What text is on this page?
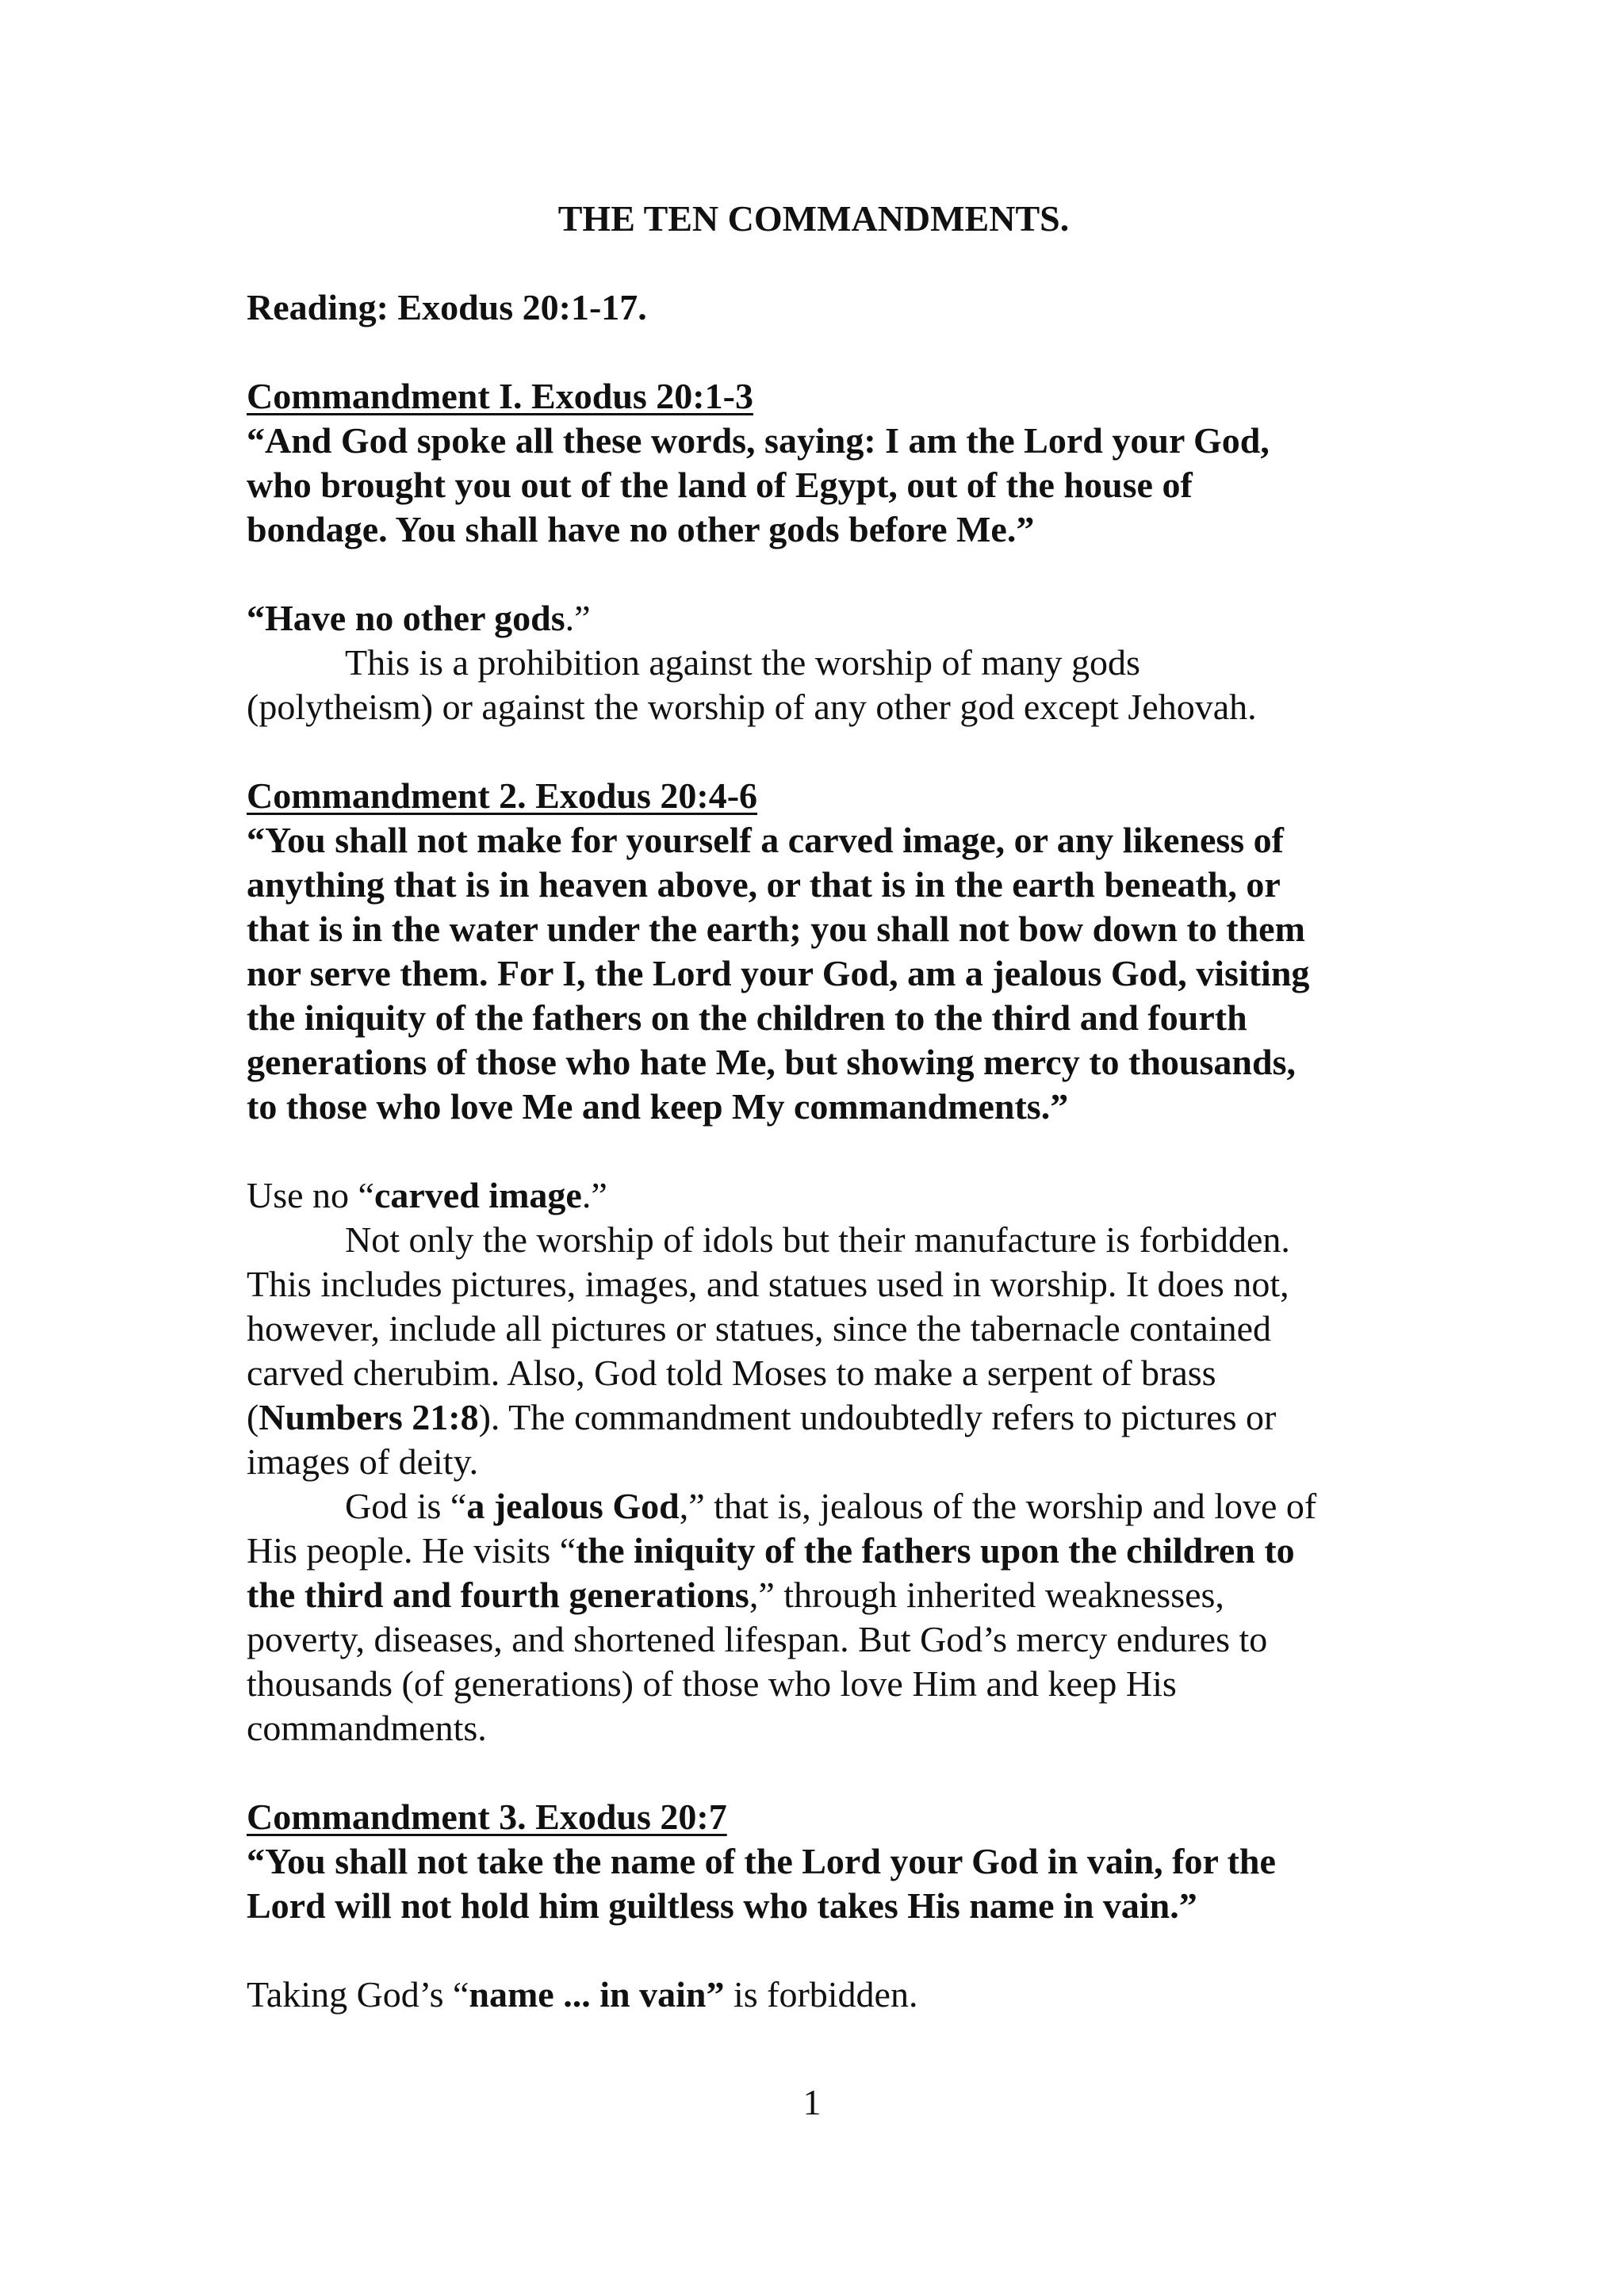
THE TEN COMMANDMENTS.

Reading: Exodus 20:1-17.
Commandment I. Exodus 20:1-3
“And God spoke all these words, saying: I am the Lord your God,
who brought you out of the land of Egypt, out of the house of
bondage. You shall have no other gods before Me.”
“Have no other gods.”
This is a prohibition against the worship of many gods
(polytheism) or against the worship of any other god except Jehovah.
Commandment 2. Exodus 20:4-6
“You shall not make for yourself a carved image, or any likeness of
anything that is in heaven above, or that is in the earth beneath, or
that is in the water under the earth; you shall not bow down to them
nor serve them. For I, the Lord your God, am a jealous God, visiting
the iniquity of the fathers on the children to the third and fourth
generations of those who hate Me, but showing mercy to thousands,
to those who love Me and keep My commandments.”
Use no “carved image.”
Not only the worship of idols but their manufacture is forbidden.
This includes pictures, images, and statues used in worship. It does not,
however, include all pictures or statues, since the tabernacle contained
carved cherubim. Also, God told Moses to make a serpent of brass
(Numbers 21:8). The commandment undoubtedly refers to pictures or
images of deity.
God is “a jealous God,” that is, jealous of the worship and love of
His people. He visits “the iniquity of the fathers upon the children to
the third and fourth generations,” through inherited weaknesses,
poverty, diseases, and shortened lifespan. But God’s mercy endures to
thousands (of generations) of those who love Him and keep His
commandments.
Commandment 3. Exodus 20:7
“You shall not take the name of the Lord your God in vain, for the
Lord will not hold him guiltless who takes His name in vain.”
Taking God’s “name ... in vain” is forbidden.
1
